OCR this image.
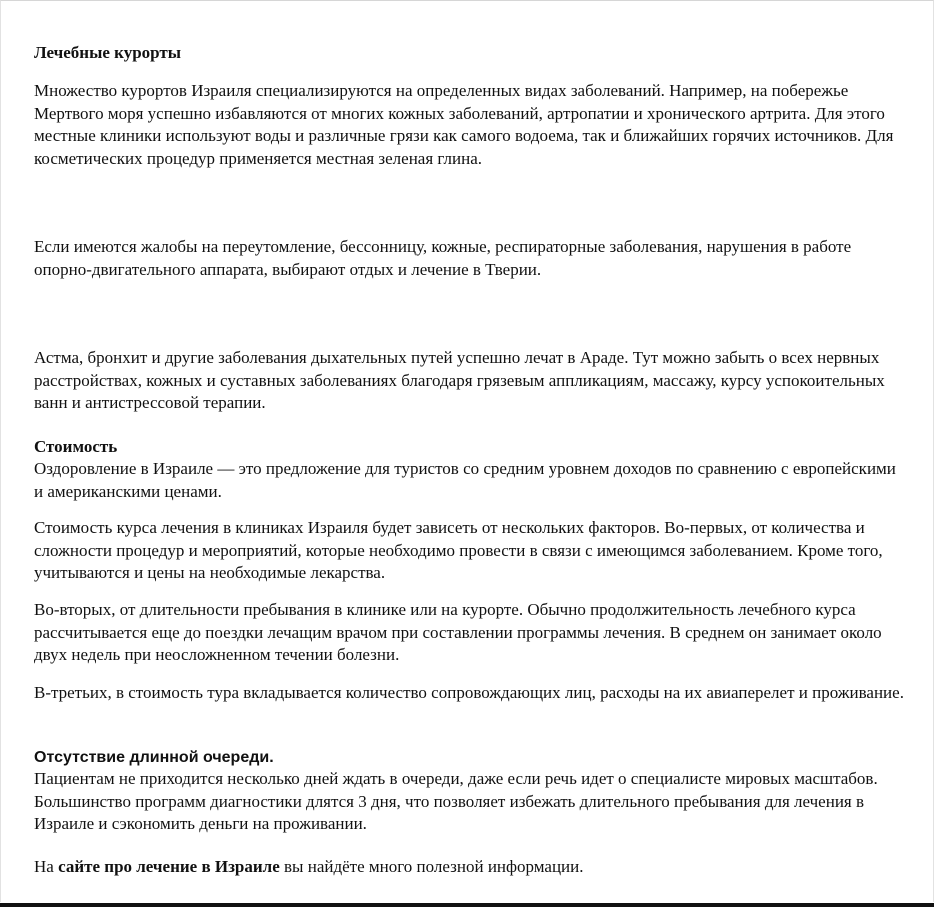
Лечебные курорты

Множество курортов Израиля специализируются на определенных видах заболеваний. Например, на побережье Мертвого моря успешно избавляются от многих кожных заболеваний, артропатии и хронического артрита. Для этого местные клиники используют воды и различные грязи как самого водоема, так и ближайших горячих источников. Для косметических процедур применяется местная зеленая глина.

Если имеются жалобы на переутомление, бессонницу, кожные, респираторные заболевания, нарушения в работе опорно-двигательного аппарата, выбирают отдых и лечение в Тверии.

Астма, бронхит и другие заболевания дыхательных путей успешно лечат в Араде. Тут можно забыть о всех нервных расстройствах, кожных и суставных заболеваниях благодаря грязевым аппликациям, массажу, курсу успокоительных ванн и антистрессовой терапии.

Стоимость

Оздоровление в Израиле — это предложение для туристов со средним уровнем доходов по сравнению с европейскими и американскими ценами.

Стоимость курса лечения в клиниках Израиля будет зависеть от нескольких факторов. Во-первых, от количества и сложности процедур и мероприятий, которые необходимо провести в связи с имеющимся заболеванием. Кроме того, учитываются и цены на необходимые лекарства.

Во-вторых, от длительности пребывания в клинике или на курорте. Обычно продолжительность лечебного курса рассчитывается еще до поездки лечащим врачом при составлении программы лечения. В среднем он занимает около двух недель при неосложненном течении болезни.

В-третьих, в стоимость тура вкладывается количество сопровождающих лиц, расходы на их авиаперелет и проживание.

Отсутствие длинной очереди.

Пациентам не приходится несколько дней ждать в очереди, даже если речь идет о специалисте мировых масштабов. Большинство программ диагностики длятся 3 дня, что позволяет избежать длительного пребывания для лечения в Израиле и сэкономить деньги на проживании.

На сайте про лечение в Израиле вы найдёте много полезной информации.
